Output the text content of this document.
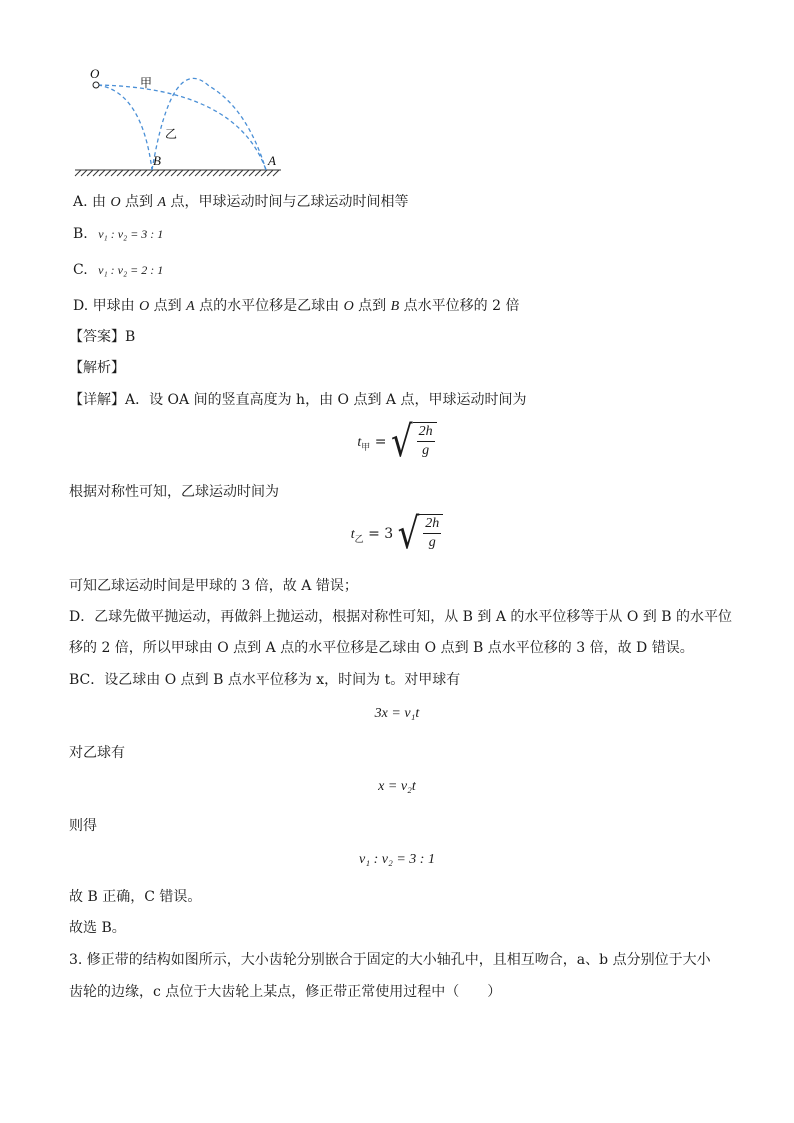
O
甲
乙
B	A
A. 由 O 点到 A 点，甲球运动时间与乙球运动时间相等
B. v₁ : v₂ = 3 : 1
C. v₁ : v₂ = 2 : 1
D. 甲球由 O 点到 A 点的水平位移是乙球由 O 点到 B 点水平位移的 2 倍
【答案】B
【解析】
【详解】A．设 OA 间的竖直高度为 h，由 O 点到 A 点，甲球运动时间为
$t_甲$ = √ $\frac{2h}{g}$
根据对称性可知，乙球运动时间为
$t_乙 = 3$ √ $\frac{2h}{g}$
可知乙球运动时间是甲球的 3 倍，故 A 错误；
D．乙球先做平抛运动，再做斜上抛运动，根据对称性可知，从 B 到 A 的水平位移等于从 O 到 B 的水平位
移的 2 倍，所以甲球由 O 点到 A 点的水平位移是乙球由 O 点到 B 点水平位移的 3 倍，故 D 错误。
BC．设乙球由 O 点到 B 点水平位移为 x，时间为 t。对甲球有
3x = v₁t
对乙球有
x = v₂t
则得
v₁ : v₂ = 3 : 1
故 B 正确，C 错误。
故选 B。
3. 修正带的结构如图所示，大小齿轮分别嵌合于固定的大小轴孔中，且相互吻合，a、b 点分别位于大小
齿轮的边缘，c 点位于大齿轮上某点，修正带正常使用过程中（　　）
